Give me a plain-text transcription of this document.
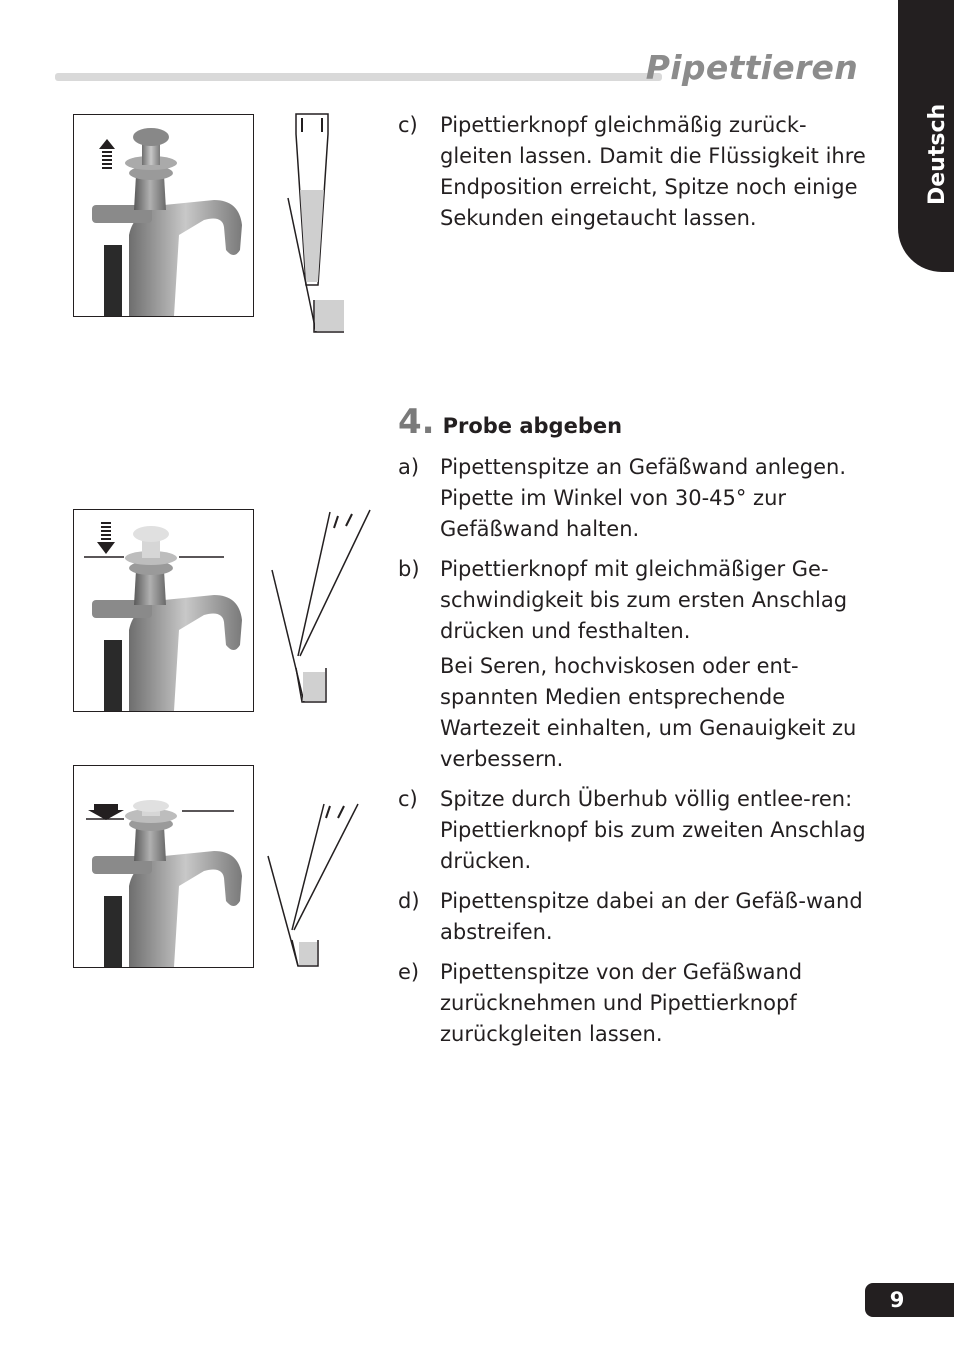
Pipettieren
Deutsch
c)	Pipettierknopf gleichmäßig zurück-gleiten lassen. Damit die Flüssigkeit ihre Endposition erreicht, Spitze noch einige Sekunden eingetaucht lassen.
4. Probe abgeben
a) Pipettenspitze an Gefäßwand anlegen. Pipette im Winkel von 30-45° zur Gefäßwand halten.
b) Pipettierknopf mit gleichmäßiger Ge-schwindigkeit bis zum ersten Anschlag drücken und festhalten.
Bei Seren, hochviskosen oder ent-spannten Medien entsprechende Wartezeit einhalten, um Genauigkeit zu verbessern.
c)	Spitze durch Überhub völlig entlee-ren: Pipettierknopf bis zum zweiten Anschlag drücken.
d) Pipettenspitze dabei an der Gefäß-wand abstreifen.
e) Pipettenspitze von der Gefäßwand zurücknehmen und Pipettierknopf zurückgleiten lassen.
9
